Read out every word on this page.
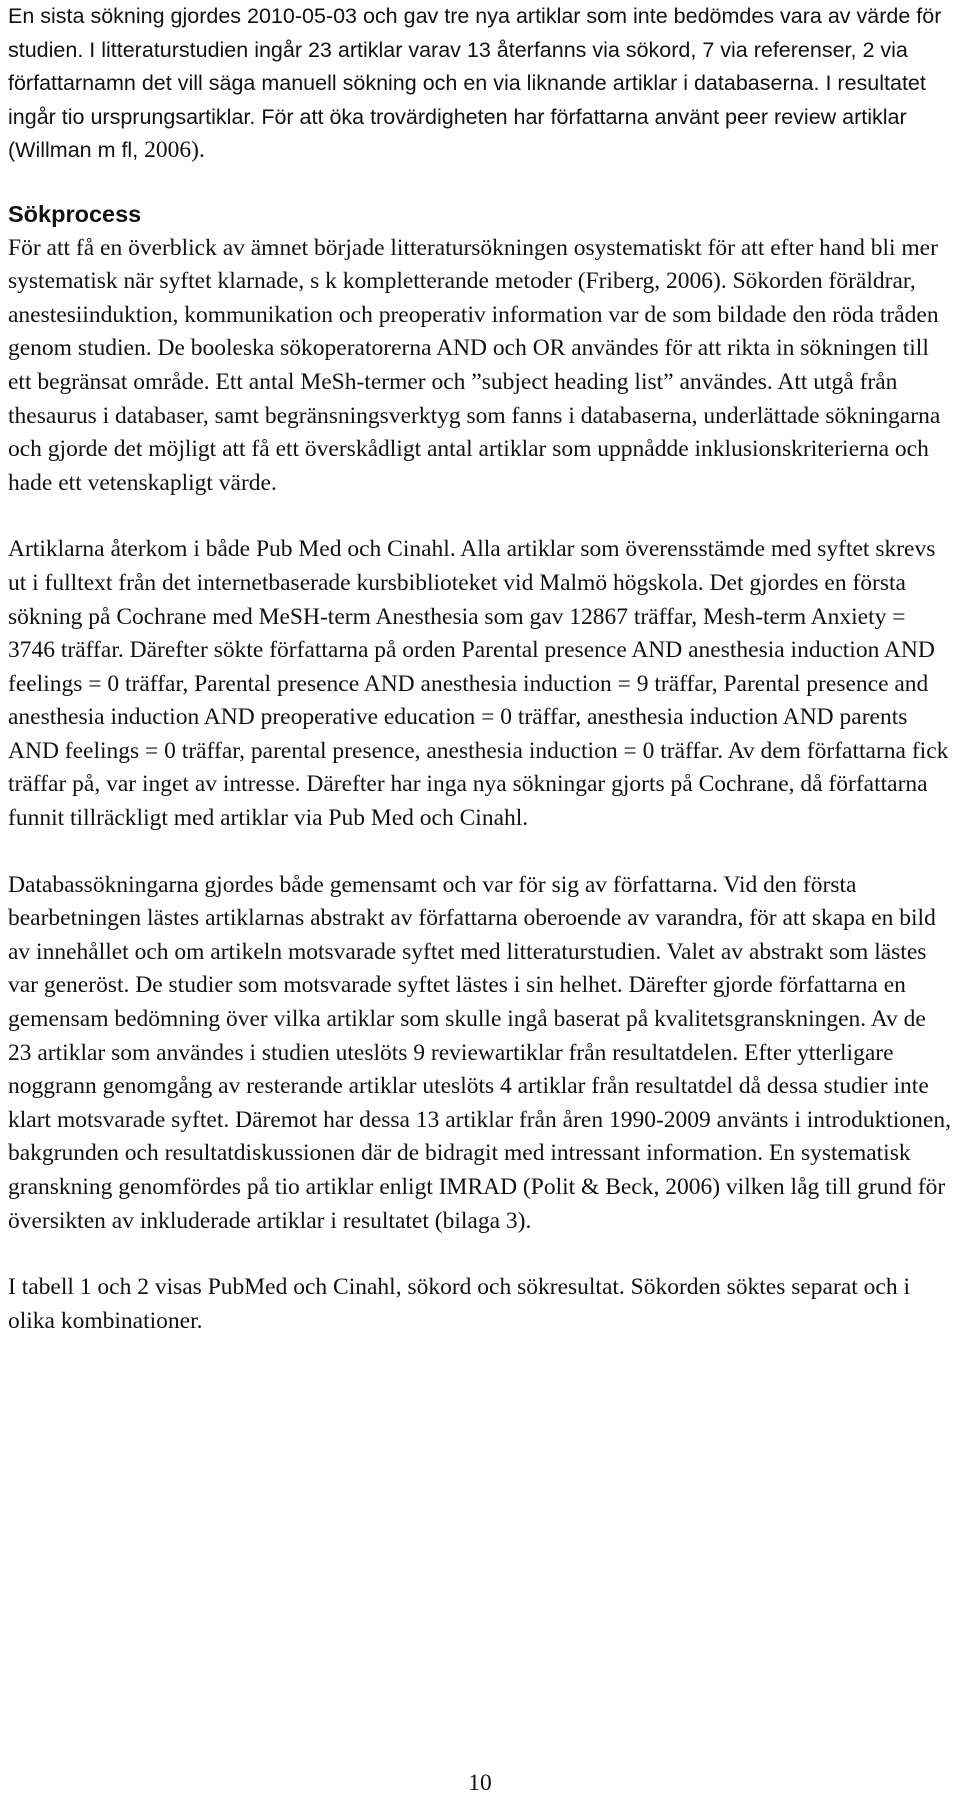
En sista sökning gjordes 2010-05-03 och gav tre nya artiklar som inte bedömdes vara av värde för studien. I litteraturstudien ingår 23 artiklar varav 13 återfanns via sökord, 7 via referenser, 2 via författarnamn det vill säga manuell sökning och en via liknande artiklar i databaserna. I resultatet ingår tio ursprungsartiklar. För att öka trovärdigheten har författarna använt peer review artiklar (Willman m fl, 2006).

Sökprocess

För att få en överblick av ämnet började litteratursökningen osystematiskt för att efter hand bli mer systematisk när syftet klarnade, s k kompletterande metoder (Friberg, 2006). Sökorden föräldrar, anestesiinduktion, kommunikation och preoperativ information var de som bildade den röda tråden genom studien. De booleska sökoperatorerna AND och OR användes för att rikta in sökningen till ett begränsat område. Ett antal MeSh-termer och ”subject heading list” användes. Att utgå från thesaurus i databaser, samt begränsningsverktyg som fanns i databaserna, underlättade sökningarna och gjorde det möjligt att få ett överskådligt antal artiklar som uppnådde inklusionskriterierna och hade ett vetenskapligt värde.

Artiklarna återkom i både Pub Med och Cinahl. Alla artiklar som överensstämde med syftet skrevs ut i fulltext från det internetbaserade kursbiblioteket vid Malmö högskola. Det gjordes en första sökning på Cochrane med MeSH-term Anesthesia som gav 12867 träffar, Mesh-term Anxiety = 3746 träffar. Därefter sökte författarna på orden Parental presence AND anesthesia induction AND feelings = 0 träffar, Parental presence AND anesthesia induction = 9 träffar, Parental presence and anesthesia induction AND preoperative education = 0 träffar, anesthesia induction AND parents AND feelings = 0 träffar, parental presence, anesthesia induction = 0 träffar. Av dem författarna fick träffar på, var inget av intresse. Därefter har inga nya sökningar gjorts på Cochrane, då författarna funnit tillräckligt med artiklar via Pub Med och Cinahl.

Databassökningarna gjordes både gemensamt och var för sig av författarna. Vid den första bearbetningen lästes artiklarnas abstrakt av författarna oberoende av varandra, för att skapa en bild av innehållet och om artikeln motsvarade syftet med litteraturstudien. Valet av abstrakt som lästes var generöst. De studier som motsvarade syftet lästes i sin helhet. Därefter gjorde författarna en gemensam bedömning över vilka artiklar som skulle ingå baserat på kvalitetsgranskningen. Av de 23 artiklar som användes i studien uteslöts 9 reviewartiklar från resultatdelen. Efter ytterligare noggrann genomgång av resterande artiklar uteslöts 4 artiklar från resultatdel då dessa studier inte klart motsvarade syftet. Däremot har dessa 13 artiklar från åren 1990-2009 använts i introduktionen, bakgrunden och resultatdiskussionen där de bidragit med intressant information. En systematisk granskning genomfördes på tio artiklar enligt IMRAD (Polit & Beck, 2006) vilken låg till grund för översikten av inkluderade artiklar i resultatet (bilaga 3).

I tabell 1 och 2 visas PubMed och Cinahl, sökord och sökresultat. Sökorden söktes separat och i olika kombinationer.

10
